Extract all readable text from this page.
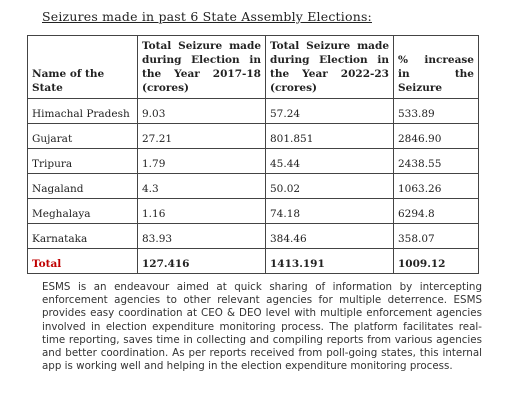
Seizures made in past 6 State Assembly Elections:
Name of the State	Total Seizure made during Election in the Year 2017-18 (crores)	Total Seizure made during Election in the Year 2022-23 (crores)	% increase in the Seizure
Himachal Pradesh	9.03	57.24	533.89
Gujarat	27.21	801.851	2846.90
Tripura	1.79	45.44	2438.55
Nagaland	4.3	50.02	1063.26
Meghalaya	1.16	74.18	6294.8
Karnataka	83.93	384.46	358.07
Total	127.416	1413.191	1009.12
ESMS is an endeavour aimed at quick sharing of information by intercepting enforcement agencies to other relevant agencies for multiple deterrence. ESMS provides easy coordination at CEO & DEO level with multiple enforcement agencies involved in election expenditure monitoring process. The platform facilitates real-time reporting, saves time in collecting and compiling reports from various agencies and better coordination. As per reports received from poll-going states, this internal app is working well and helping in the election expenditure monitoring process.
